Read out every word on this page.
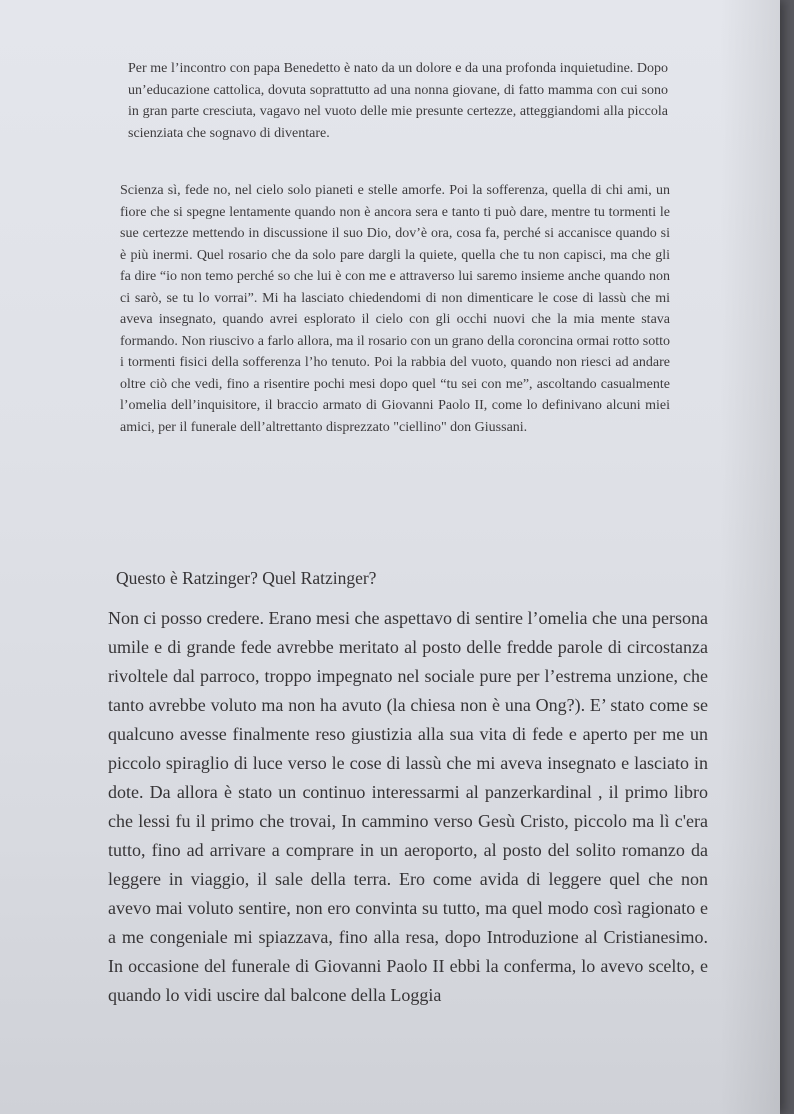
Per me l’incontro con papa Benedetto è nato da un dolore e da una profonda inquietudine. Dopo un’educazione cattolica, dovuta soprattutto ad una nonna giovane, di fatto mamma con cui sono in gran parte cresciuta, vagavo nel vuoto delle mie presunte certezze, atteggiandomi alla piccola scienziata che sognavo di diventare.

Scienza sì, fede no, nel cielo solo pianeti e stelle amorfe. Poi la sofferenza, quella di chi ami, un fiore che si spegne lentamente quando non è ancora sera e tanto ti può dare, mentre tu tormenti le sue certezze mettendo in discussione il suo Dio, dov’è ora, cosa fa, perché si accanisce quando si è più inermi. Quel rosario che da solo pare dargli la quiete, quella che tu non capisci, ma che gli fa dire “io non temo perché so che lui è con me e attraverso lui saremo insieme anche quando non ci sarò, se tu lo vorrai”. Mi ha lasciato chiedendomi di non dimenticare le cose di lassù che mi aveva insegnato, quando avrei esplorato il cielo con gli occhi nuovi che la mia mente stava formando. Non riuscivo a farlo allora, ma il rosario con un grano della coroncina ormai rotto sotto i tormenti fisici della sofferenza l’ho tenuto. Poi la rabbia del vuoto, quando non riesci ad andare oltre ciò che vedi, fino a risentire pochi mesi dopo quel “tu sei con me”, ascoltando casualmente l’omelia dell’inquisitore, il braccio armato di Giovanni Paolo II, come lo definivano alcuni miei amici, per il funerale dell’altrettanto disprezzato "ciellino" don Giussani.

Questo è Ratzinger? Quel Ratzinger?

Non ci posso credere. Erano mesi che aspettavo di sentire l’omelia che una persona umile e di grande fede avrebbe meritato al posto delle fredde parole di circostanza rivoltele dal parroco, troppo impegnato nel sociale pure per l’estrema unzione, che tanto avrebbe voluto ma non ha avuto (la chiesa non è una Ong?). E’ stato come se qualcuno avesse finalmente reso giustizia alla sua vita di fede e aperto per me un piccolo spiraglio di luce verso le cose di lassù che mi aveva insegnato e lasciato in dote. Da allora è stato un continuo interessarmi al panzerkardinal , il primo libro che lessi fu il primo che trovai, In cammino verso Gesù Cristo, piccolo ma lì c'era tutto, fino ad arrivare a comprare in un aeroporto, al posto del solito romanzo da leggere in viaggio, il sale della terra. Ero come avida di leggere quel che non avevo mai voluto sentire, non ero convinta su tutto, ma quel modo così ragionato e a me congeniale mi spiazzava, fino alla resa, dopo Introduzione al Cristianesimo. In occasione del funerale di Giovanni Paolo II ebbi la conferma, lo avevo scelto, e quando lo vidi uscire dal balcone della Loggia
